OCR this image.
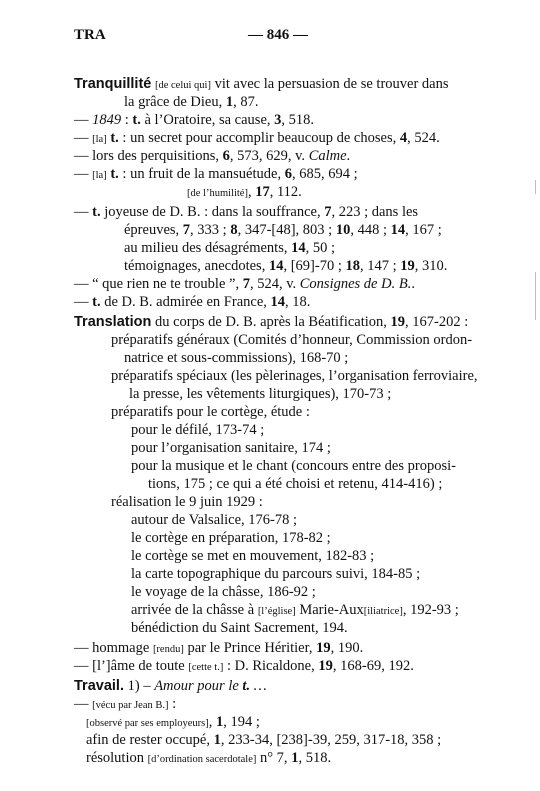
TRA	— 846 —
Tranquillité [de celui qui] vit avec la persuasion de se trouver dans
la grâce de Dieu, 1, 87.
— 1849 : t. à l’Oratoire, sa cause, 3, 518.
— [la] t. : un secret pour accomplir beaucoup de choses, 4, 524.
— lors des perquisitions, 6, 573, 629, v. Calme.
— [la] t. : un fruit de la mansuétude, 6, 685, 694 ;
[de l’humilité], 17, 112.
— t. joyeuse de D. B. : dans la souffrance, 7, 223 ; dans les
épreuves, 7, 333 ; 8, 347-[48], 803 ; 10, 448 ; 14, 167 ;
au milieu des désagréments, 14, 50 ;
témoignages, anecdotes, 14, [69]-70 ; 18, 147 ; 19, 310.
— “ que rien ne te trouble ”, 7, 524, v. Consignes de D. B..
— t. de D. B. admirée en France, 14, 18.
Translation du corps de D. B. après la Béatification, 19, 167-202 :
préparatifs généraux (Comités d’honneur, Commission ordon-
natrice et sous-commissions), 168-70 ;
préparatifs spéciaux (les pèlerinages, l’organisation ferroviaire,
la presse, les vêtements liturgiques), 170-73 ;
préparatifs pour le cortège, étude :
pour le défilé, 173-74 ;
pour l’organisation sanitaire, 174 ;
pour la musique et le chant (concours entre des proposi-
tions, 175 ; ce qui a été choisi et retenu, 414-416) ;
réalisation le 9 juin 1929 :
autour de Valsalice, 176-78 ;
le cortège en préparation, 178-82 ;
le cortège se met en mouvement, 182-83 ;
la carte topographique du parcours suivi, 184-85 ;
le voyage de la châsse, 186-92 ;
arrivée de la châsse à [l’église] Marie-Aux[iliatrice], 192-93 ;
bénédiction du Saint Sacrement, 194.
— hommage [rendu] par le Prince Héritier, 19, 190.
— [l’]âme de toute [cette t.] : D. Ricaldone, 19, 168-69, 192.
Travail. 1) – Amour pour le t. …
— [vécu par Jean B.] :
[observé par ses employeurs], 1, 194 ;
afin de rester occupé, 1, 233-34, [238]-39, 259, 317-18, 358 ;
résolution [d’ordination sacerdotale] n° 7, 1, 518.
